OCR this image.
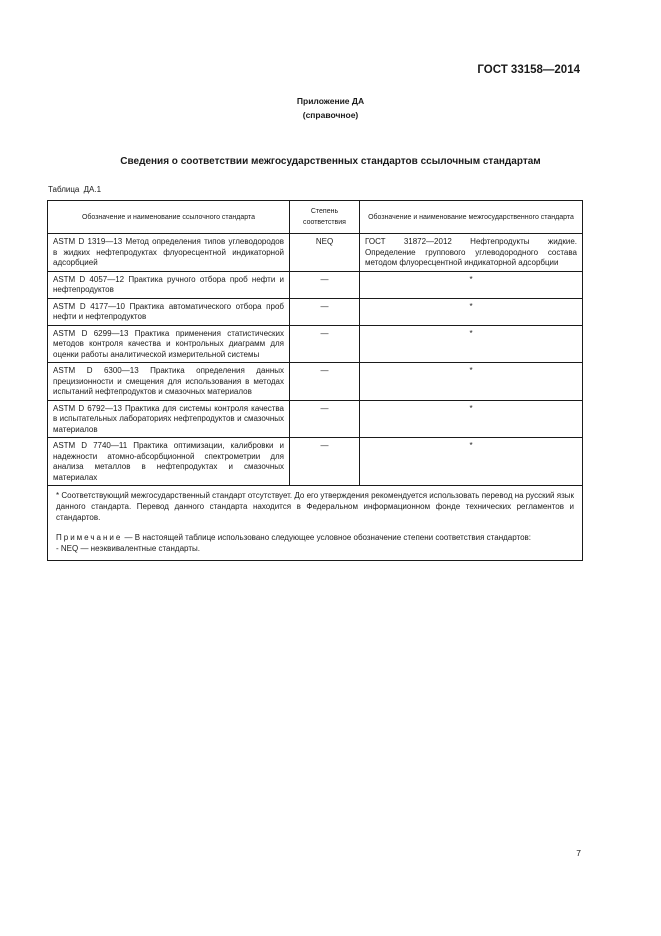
ГОСТ 33158—2014
Приложение ДА
(справочное)
Сведения о соответствии межгосударственных стандартов ссылочным стандартам
Таблица ДА.1
Обозначение и наименование ссылочного стандарта	Степень соответствия	Обозначение и наименование межгосударственного стандарта
ASTM D 1319—13 Метод определения типов углеводородов в жидких нефтепродуктах флуоресцентной индикаторной адсорбцией	NEQ	ГОСТ 31872—2012 Нефтепродукты жидкие. Определение группового углеводородного состава методом флуоресцентной индикаторной адсорбции
ASTM D 4057—12 Практика ручного отбора проб нефти и нефтепродуктов	—	*
ASTM D 4177—10 Практика автоматического отбора проб нефти и нефтепродуктов	—	*
ASTM D 6299—13 Практика применения статистических методов контроля качества и контрольных диаграмм для оценки работы аналитической измерительной системы	—	*
ASTM D 6300—13 Практика определения данных прецизионности и смещения для использования в методах испытаний нефтепродуктов и смазочных материалов	—	*
ASTM D 6792—13 Практика для системы контроля качества в испытательных лабораториях нефтепродуктов и смазочных материалов	—	*
ASTM D 7740—11 Практика оптимизации, калибровки и надежности атомно-абсорбционной спектрометрии для анализа металлов в нефтепродуктах и смазочных материалах	—	*

* Соответствующий межгосударственный стандарт отсутствует. До его утверждения рекомендуется использовать перевод на русский язык данного стандарта. Перевод данного стандарта находится в Федеральном информационном фонде технических регламентов и стандартов.

Примечание — В настоящей таблице использовано следующее условное обозначение степени соответствия стандартов:

- NEQ — неэквивалентные стандарты.		

7
